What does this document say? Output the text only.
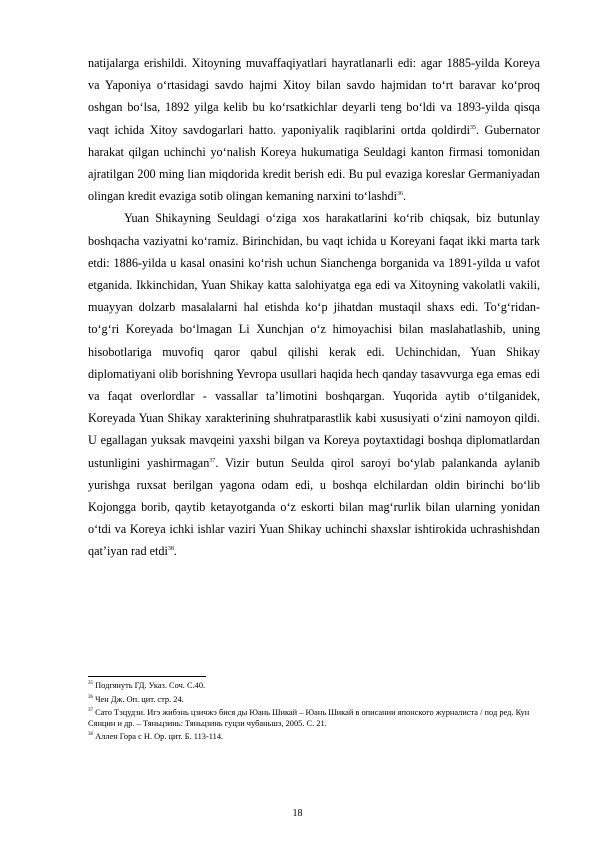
natijalarga erishildi. Xitoyning muvaffaqiyatlari hayratlanarli edi: agar 1885-yilda Koreya va Yaponiya o‘rtasidagi savdo hajmi Xitoy bilan savdo hajmidan to‘rt baravar ko‘proq oshgan bo‘lsa, 1892 yilga kelib bu ko‘rsatkichlar deyarli teng bo‘ldi va 1893-yilda qisqa vaqt ichida Xitoy savdogarlari hatto. yaponiyalik raqiblarini ortda qoldirdi$^{35}$. Gubernator harakat qilgan uchinchi yo‘nalish Koreya hukumatiga Seuldagi kanton firmasi tomonidan ajratilgan 200 ming lian miqdorida kredit berish edi. Bu pul evaziga koreslar Germaniyadan olingan kredit evaziga sotib olingan kemaning narxini to‘lashdi$^{36}$.

Yuan Shikayning Seuldagi o‘ziga xos harakatlarini ko‘rib chiqsak, biz butunlay boshqacha vaziyatni ko‘ramiz. Birinchidan, bu vaqt ichida u Koreyani faqat ikki marta tark etdi: 1886-yilda u kasal onasini ko‘rish uchun Sianchenga borganida va 1891-yilda u vafot etganida. Ikkinchidan, Yuan Shikay katta salohiyatga ega edi va Xitoyning vakolatli vakili, muayyan dolzarb masalalarni hal etishda ko‘p jihatdan mustaqil shaxs edi. To‘g‘ridan-to‘g‘ri Koreyada bo‘lmagan Li Xunchjan o‘z himoyachisi bilan maslahatlashib, uning hisobotlariga muvofiq qaror qabul qilishi kerak edi. Uchinchidan, Yuan Shikay diplomatiyani olib borishning Yevropa usullari haqida hech qanday tasavvurga ega emas edi va faqat overlordlar - vassallar ta’limotini boshqargan. Yuqorida aytib o‘tilganidek, Koreyada Yuan Shikay xarakterining shuhratparastlik kabi xususiyati o‘zini namoyon qildi. U egallagan yuksak mavqeini yaxshi bilgan va Koreya poytaxtidagi boshqa diplomatlardan ustunligini yashirmagan$^{37}$. Vizir butun Seulda qirol saroyi bo‘ylab palankanda aylanib yurishga ruxsat berilgan yagona odam edi, u boshqa elchilardan oldin birinchi bo‘lib Kojongga borib, qaytib ketayotganda o‘z eskorti bilan mag‘rurlik bilan ularning yonidan o‘tdi va Koreya ichki ishlar vaziri Yuan Shikay uchinchi shaxslar ishtirokida uchrashishdan qat’iyan rad etdi$^{38}$.

$^{35}$ Подгянуть ГД. Указ. Соч. С.40.

$^{36}$ Чен Дж. Оп. цит. стр. 24.

$^{37}$ Сато Тэцудзи. Игэ жибэнь цзичжэ бися ды Юань Шикай – Юань Шикай в описании японского журналиста / под ред. Кун Сянцин и др. – Тяньцзинь: Тяньцзинь гуцзи чубаньшэ, 2005. С. 21.

$^{38}$ Аллен Гора с Н. Ор. цит. Б. 113-114.

18
